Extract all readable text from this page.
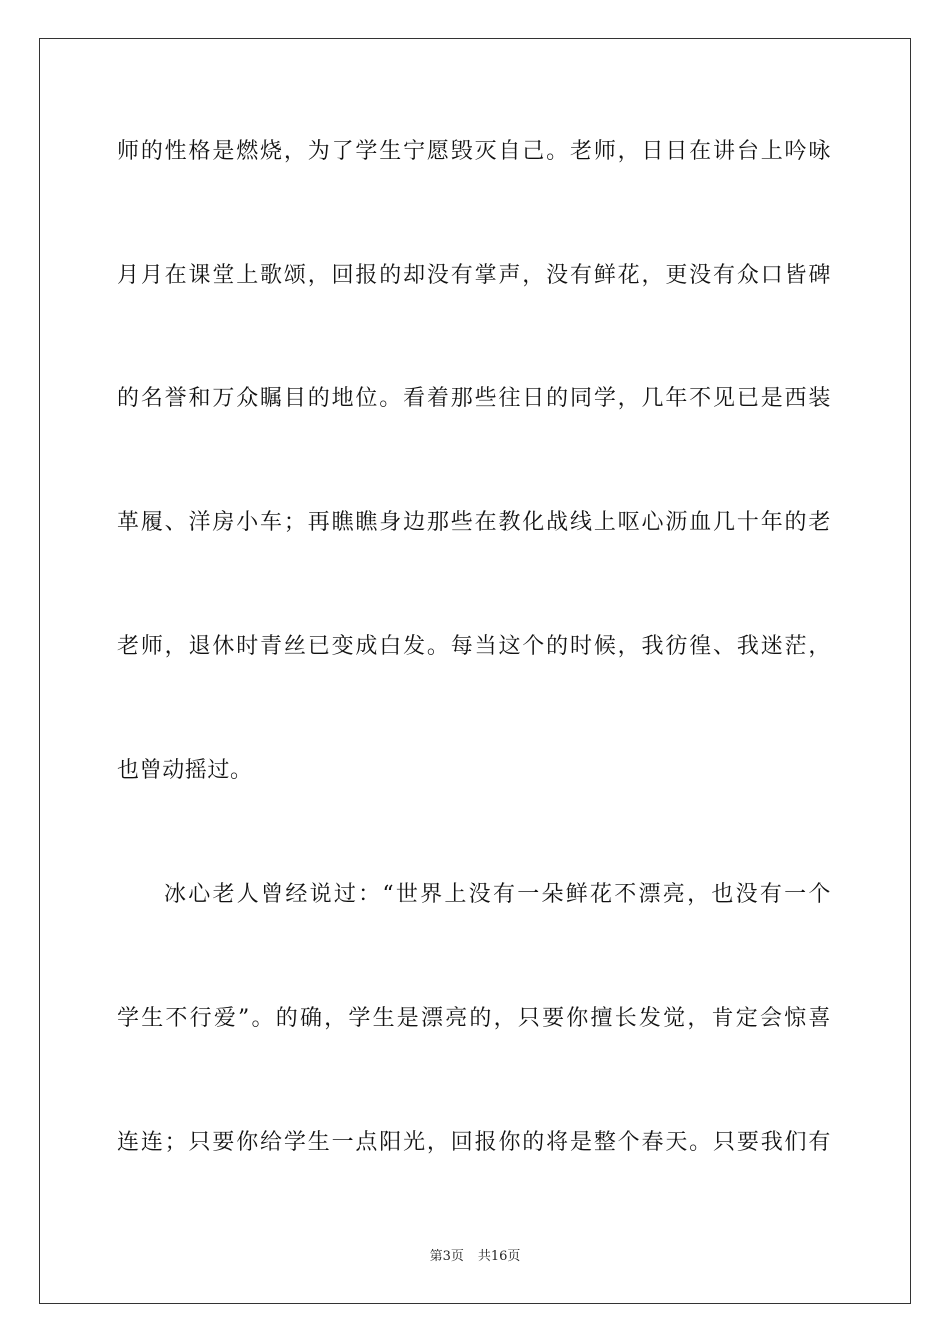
师的性格是燃烧，为了学生宁愿毁灭自己。老师，日日在讲台上吟咏
月月在课堂上歌颂，回报的却没有掌声，没有鲜花，更没有众口皆碑
的名誉和万众瞩目的地位。看着那些往日的同学，几年不见已是西装
革履、洋房小车；再瞧瞧身边那些在教化战线上呕心沥血几十年的老
老师，退休时青丝已变成白发。每当这个的时候，我彷徨、我迷茫，
也曾动摇过。
冰心老人曾经说过：“世界上没有一朵鲜花不漂亮，也没有一个
学生不行爱”。的确，学生是漂亮的，只要你擅长发觉，肯定会惊喜
连连；只要你给学生一点阳光，回报你的将是整个春天。只要我们有
第3页 共16页
